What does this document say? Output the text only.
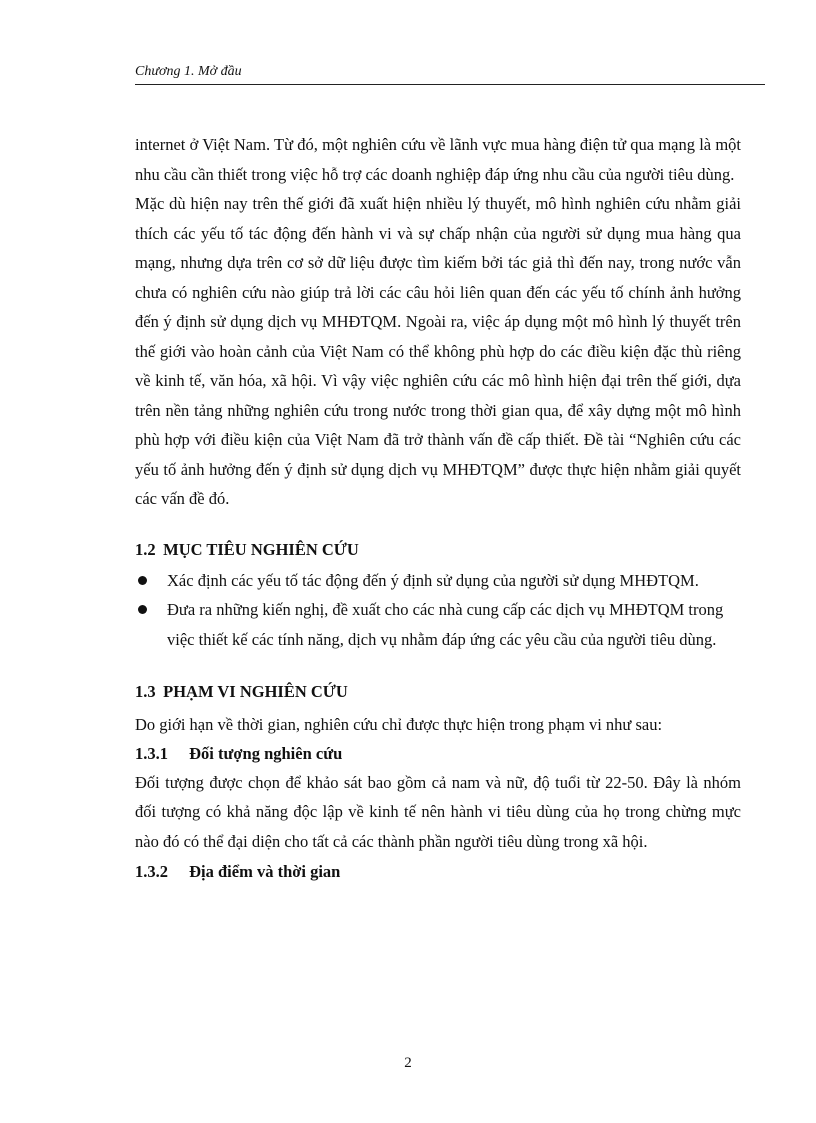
Chương 1. Mở đầu

internet ở Việt Nam. Từ đó, một nghiên cứu về lãnh vực mua hàng điện tử qua mạng là một nhu cầu cần thiết trong việc hỗ trợ các doanh nghiệp đáp ứng nhu cầu của người tiêu dùng.

Mặc dù hiện nay trên thế giới đã xuất hiện nhiều lý thuyết, mô hình nghiên cứu nhằm giải thích các yếu tố tác động đến hành vi và sự chấp nhận của người sử dụng mua hàng qua mạng, nhưng dựa trên cơ sở dữ liệu được tìm kiếm bởi tác giả thì đến nay, trong nước vẫn chưa có nghiên cứu nào giúp trả lời các câu hỏi liên quan đến các yếu tố chính ảnh hưởng đến ý định sử dụng dịch vụ MHĐTQM. Ngoài ra, việc áp dụng một mô hình lý thuyết trên thế giới vào hoàn cảnh của Việt Nam có thể không phù hợp do các điều kiện đặc thù riêng về kinh tế, văn hóa, xã hội. Vì vậy việc nghiên cứu các mô hình hiện đại trên thế giới, dựa trên nền tảng những nghiên cứu trong nước trong thời gian qua, để xây dựng một mô hình phù hợp với điều kiện của Việt Nam đã trở thành vấn đề cấp thiết. Đề tài “Nghiên cứu các yếu tố ảnh hưởng đến ý định sử dụng dịch vụ MHĐTQM” được thực hiện nhằm giải quyết các vấn đề đó.

1.2 MỤC TIÊU NGHIÊN CỨU
Xác định các yếu tố tác động đến ý định sử dụng của người sử dụng MHĐTQM.
Đưa ra những kiến nghị, đề xuất cho các nhà cung cấp các dịch vụ MHĐTQM trong việc thiết kế các tính năng, dịch vụ nhằm đáp ứng các yêu cầu của người tiêu dùng.
1.3 PHẠM VI NGHIÊN CỨU

Do giới hạn về thời gian, nghiên cứu chỉ được thực hiện trong phạm vi như sau:

1.3.1 Đối tượng nghiên cứu

Đối tượng được chọn để khảo sát bao gồm cả nam và nữ, độ tuổi từ 22-50. Đây là nhóm đối tượng có khả năng độc lập về kinh tế nên hành vi tiêu dùng của họ trong chừng mực nào đó có thể đại diện cho tất cả các thành phần người tiêu dùng trong xã hội.

1.3.2 Địa điểm và thời gian
2
